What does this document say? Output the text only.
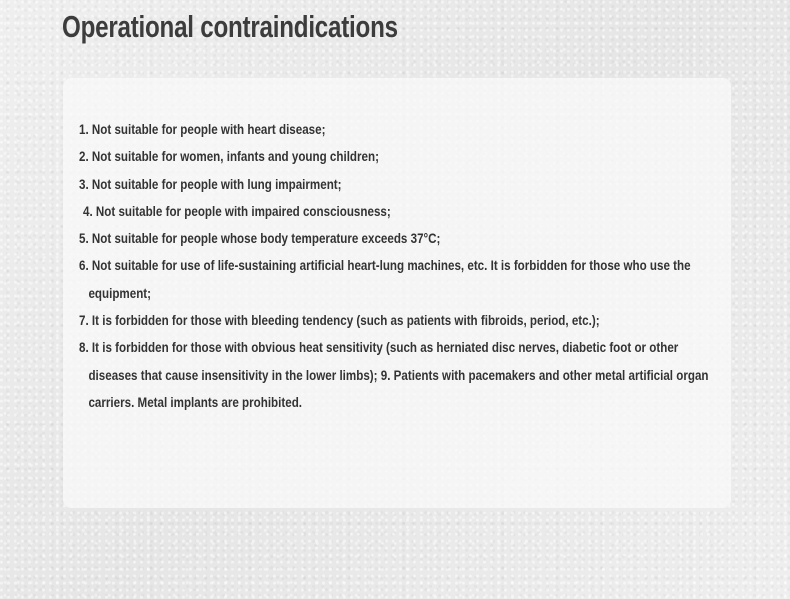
Operational contraindications
1. Not suitable for people with heart disease;
2. Not suitable for women, infants and young children;
3. Not suitable for people with lung impairment;
4. Not suitable for people with impaired consciousness;
5. Not suitable for people whose body temperature exceeds 37°C;
6. Not suitable for use of life-sustaining artificial heart-lung machines, etc. It is forbidden for those who use the
equipment;
7. It is forbidden for those with bleeding tendency (such as patients with fibroids, period, etc.);
8. It is forbidden for those with obvious heat sensitivity (such as herniated disc nerves, diabetic foot or other
diseases that cause insensitivity in the lower limbs); 9. Patients with pacemakers and other metal artificial organ
carriers. Metal implants are prohibited.
